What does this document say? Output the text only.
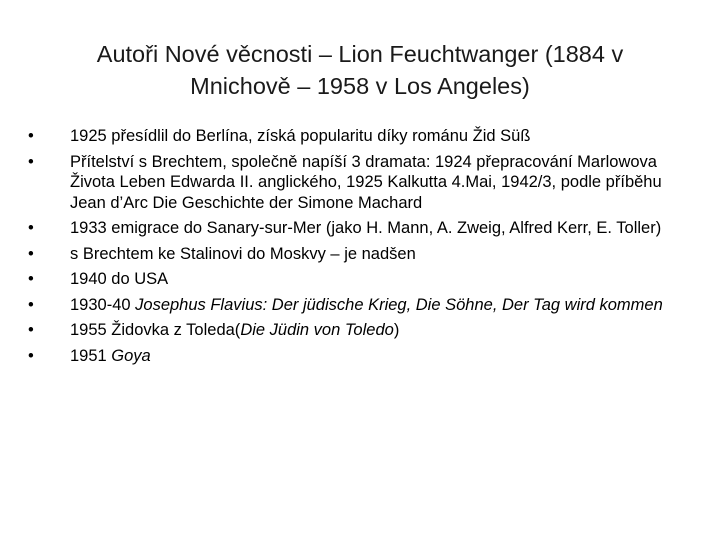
Autoři Nové věcnosti – Lion Feuchtwanger (1884 v
Mnichově – 1958 v Los Angeles)
•	1925 přesídlil do Berlína, získá popularitu díky románu Žid Süß
•	Přítelství s Brechtem, společně napíší 3 dramata: 1924 přepracování Marlowova Života Leben Edwarda II. anglického, 1925 Kalkutta 4.Mai, 1942/3, podle příběhu Jean d’Arc Die Geschichte der Simone Machard
•	1933 emigrace do Sanary-sur-Mer (jako H. Mann, A. Zweig, Alfred Kerr, E. Toller)
•	s Brechtem ke Stalinovi do Moskvy – je nadšen
•	1940 do USA
•	1930-40 Josephus Flavius: Der jüdische Krieg, Die Söhne, Der Tag wird kommen
•	1955 Židovka z Toleda(Die Jüdin von Toledo)
•	1951 Goya
